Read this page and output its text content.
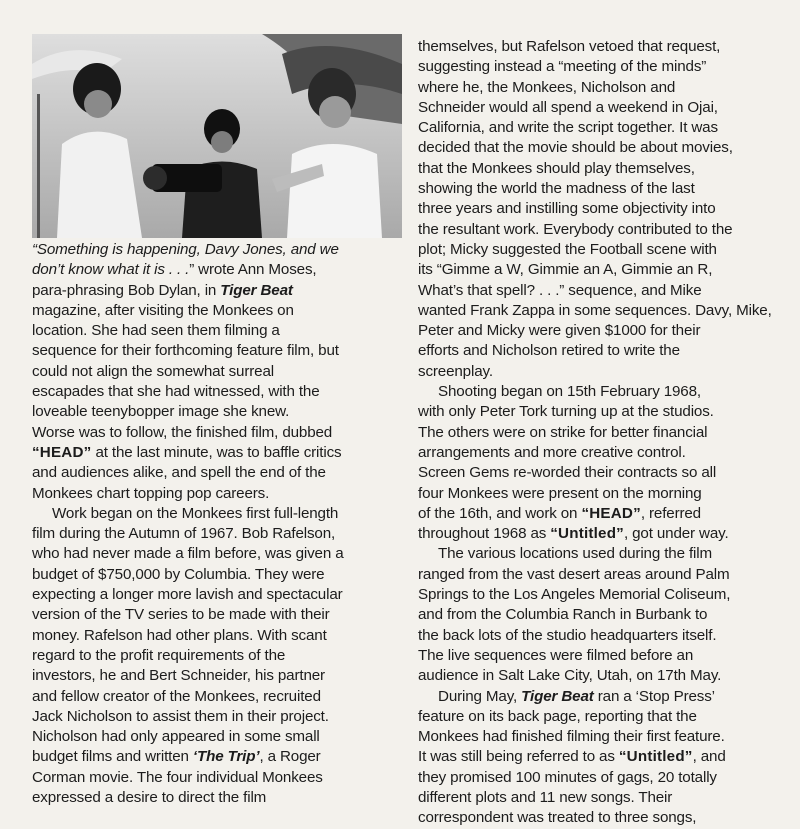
“Something is happening, Davy Jones, and we
don’t know what it is . . .” wrote Ann Moses,
para-phrasing Bob Dylan, in Tiger Beat
magazine, after visiting the Monkees on
location. She had seen them filming a
sequence for their forthcoming feature film, but
could not align the somewhat surreal
escapades that she had witnessed, with the
loveable teenybopper image she knew.
Worse was to follow, the finished film, dubbed
“HEAD” at the last minute, was to baffle critics
and audiences alike, and spell the end of the
Monkees chart topping pop careers.
Work began on the Monkees first full-length
film during the Autumn of 1967. Bob Rafelson,
who had never made a film before, was given a
budget of $750,000 by Columbia. They were
expecting a longer more lavish and spectacular
version of the TV series to be made with their
money. Rafelson had other plans. With scant
regard to the profit requirements of the
investors, he and Bert Schneider, his partner
and fellow creator of the Monkees, recruited
Jack Nicholson to assist them in their project.
Nicholson had only appeared in some small
budget films and written ‘The Trip’, a Roger
Corman movie. The four individual Monkees
expressed a desire to direct the film
themselves, but Rafelson vetoed that request,
suggesting instead a “meeting of the minds”
where he, the Monkees, Nicholson and
Schneider would all spend a weekend in Ojai,
California, and write the script together. It was
decided that the movie should be about movies,
that the Monkees should play themselves,
showing the world the madness of the last
three years and instilling some objectivity into
the resultant work. Everybody contributed to the
plot; Micky suggested the Football scene with
its “Gimme a W, Gimmie an A, Gimmie an R,
What’s that spell? . . .” sequence, and Mike
wanted Frank Zappa in some sequences. Davy, Mike,
Peter and Micky were given $1000 for their
efforts and Nicholson retired to write the
screenplay.
Shooting began on 15th February 1968,
with only Peter Tork turning up at the studios.
The others were on strike for better financial
arrangements and more creative control.
Screen Gems re-worded their contracts so all
four Monkees were present on the morning
of the 16th, and work on “HEAD”, referred
throughout 1968 as “Untitled”, got under way.
The various locations used during the film
ranged from the vast desert areas around Palm
Springs to the Los Angeles Memorial Coliseum,
and from the Columbia Ranch in Burbank to
the back lots of the studio headquarters itself.
The live sequences were filmed before an
audience in Salt Lake City, Utah, on 17th May.
During May, Tiger Beat ran a ‘Stop Press’
feature on its back page, reporting that the
Monkees had finished filming their first feature.
It was still being referred to as “Untitled”, and
they promised 100 minutes of gags, 20 totally
different plots and 11 new songs. Their
correspondent was treated to three songs,
